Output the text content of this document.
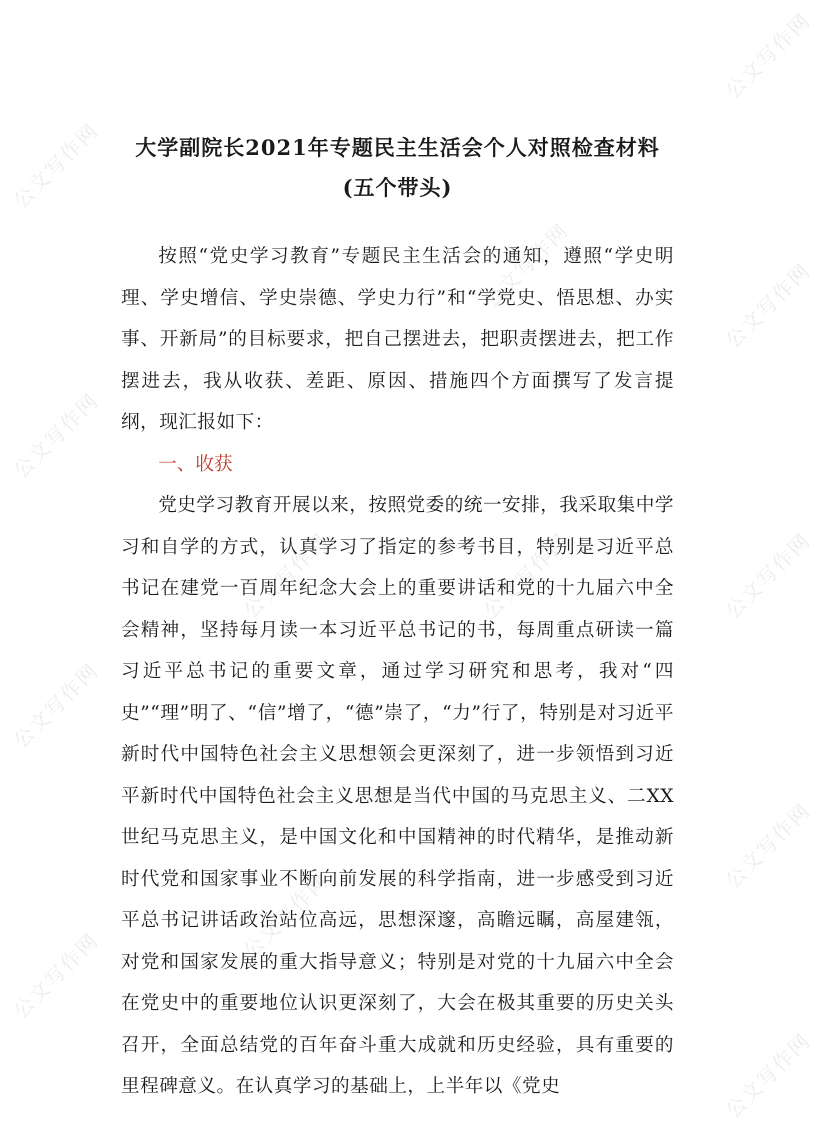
公文写作网
公文写作网
公文写作网
公文写作网
公文写作网
公文写作网
公文写作网
公文写作网
公文写作网
公文写作网	公文写作网
公文写作网
公文写作网
大学副院长2021年专题民主生活会个人对照检查材料(五个带头)

按照“党史学习教育”专题民主生活会的通知，遵照“学史明理、学史增信、学史崇德、学史力行”和“学党史、悟思想、办实事、开新局”的目标要求，把自己摆进去，把职责摆进去，把工作摆进去，我从收获、差距、原因、措施四个方面撰写了发言提纲，现汇报如下：

一、收获

党史学习教育开展以来，按照党委的统一安排，我采取集中学习和自学的方式，认真学习了指定的参考书目，特别是习近平总书记在建党一百周年纪念大会上的重要讲话和党的十九届六中全会精神，坚持每月读一本习近平总书记的书，每周重点研读一篇习近平总书记的重要文章，通过学习研究和思考，我对“四史”“理”明了、“信”增了，“德”崇了，“力”行了，特别是对习近平新时代中国特色社会主义思想领会更深刻了，进一步领悟到习近平新时代中国特色社会主义思想是当代中国的马克思主义、二XX世纪马克思主义，是中国文化和中国精神的时代精华，是推动新时代党和国家事业不断向前发展的科学指南，进一步感受到习近平总书记讲话政治站位高远，思想深邃，高瞻远瞩，高屋建瓴，对党和国家发展的重大指导意义；特别是对党的十九届六中全会在党史中的重要地位认识更深刻了，大会在极其重要的历史关头召开，全面总结党的百年奋斗重大成就和历史经验，具有重要的里程碑意义。在认真学习的基础上，上半年以《党史
